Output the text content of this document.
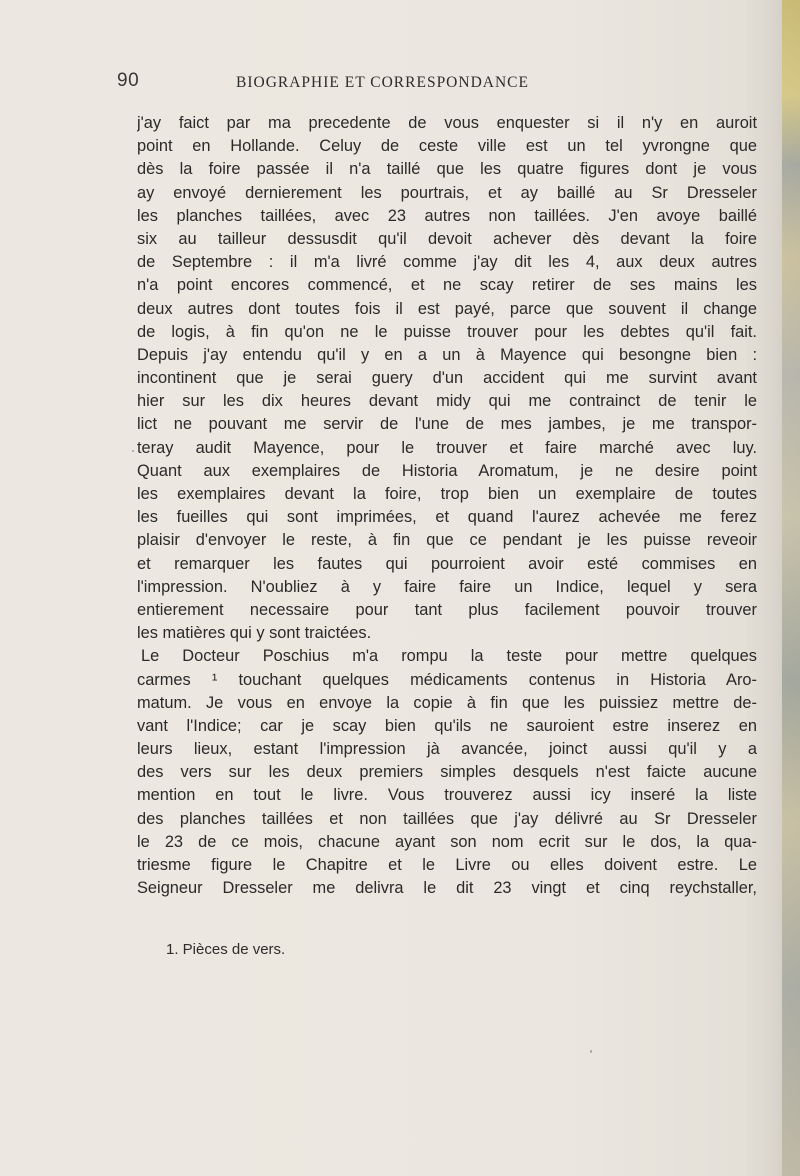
90	BIOGRAPHIE ET CORRESPONDANCE
j'ay faict par ma precedente de vous enquester si il n'y en auroit
point en Hollande. Celuy de ceste ville est un tel yvrongne que
dès la foire passée il n'a taillé que les quatre figures dont je vous
ay envoyé dernierement les pourtrais, et ay baillé au Sr Dresseler
les planches taillées, avec 23 autres non taillées. J'en avoye baillé
six au tailleur dessusdit qu'il devoit achever dès devant la foire
de Septembre : il m'a livré comme j'ay dit les 4, aux deux autres
n'a point encores commencé, et ne scay retirer de ses mains les
deux autres dont toutes fois il est payé, parce que souvent il change
de logis, à fin qu'on ne le puisse trouver pour les debtes qu'il fait.
Depuis j'ay entendu qu'il y en a un à Mayence qui besongne bien :
incontinent que je serai guery d'un accident qui me survint avant
hier sur les dix heures devant midy qui me contrainct de tenir le
lict ne pouvant me servir de l'une de mes jambes, je me transpor-
teray audit Mayence, pour le trouver et faire marché avec luy.
Quant aux exemplaires de Historia Aromatum, je ne desire point
les exemplaires devant la foire, trop bien un exemplaire de toutes
les fueilles qui sont imprimées, et quand l'aurez achevée me ferez
plaisir d'envoyer le reste, à fin que ce pendant je les puisse reveoir
et remarquer les fautes qui pourroient avoir esté commises en
l'impression. N'oubliez à y faire faire un Indice, lequel y sera
entierement necessaire pour tant plus facilement pouvoir trouver
les matières qui y sont traictées.
Le Docteur Poschius m'a rompu la teste pour mettre quelques
carmes ¹ touchant quelques médicaments contenus in Historia Aro-
matum. Je vous en envoye la copie à fin que les puissiez mettre de-
vant l'Indice; car je scay bien qu'ils ne sauroient estre inserez en
leurs lieux, estant l'impression jà avancée, joinct aussi qu'il y a
des vers sur les deux premiers simples desquels n'est faicte aucune
mention en tout le livre. Vous trouverez aussi icy inseré la liste
des planches taillées et non taillées que j'ay délivré au Sr Dresseler
le 23 de ce mois, chacune ayant son nom ecrit sur le dos, la qua-
triesme figure le Chapitre et le Livre ou elles doivent estre. Le
Seigneur Dresseler me delivra le dit 23 vingt et cinq reychstaller,
1. Pièces de vers.
